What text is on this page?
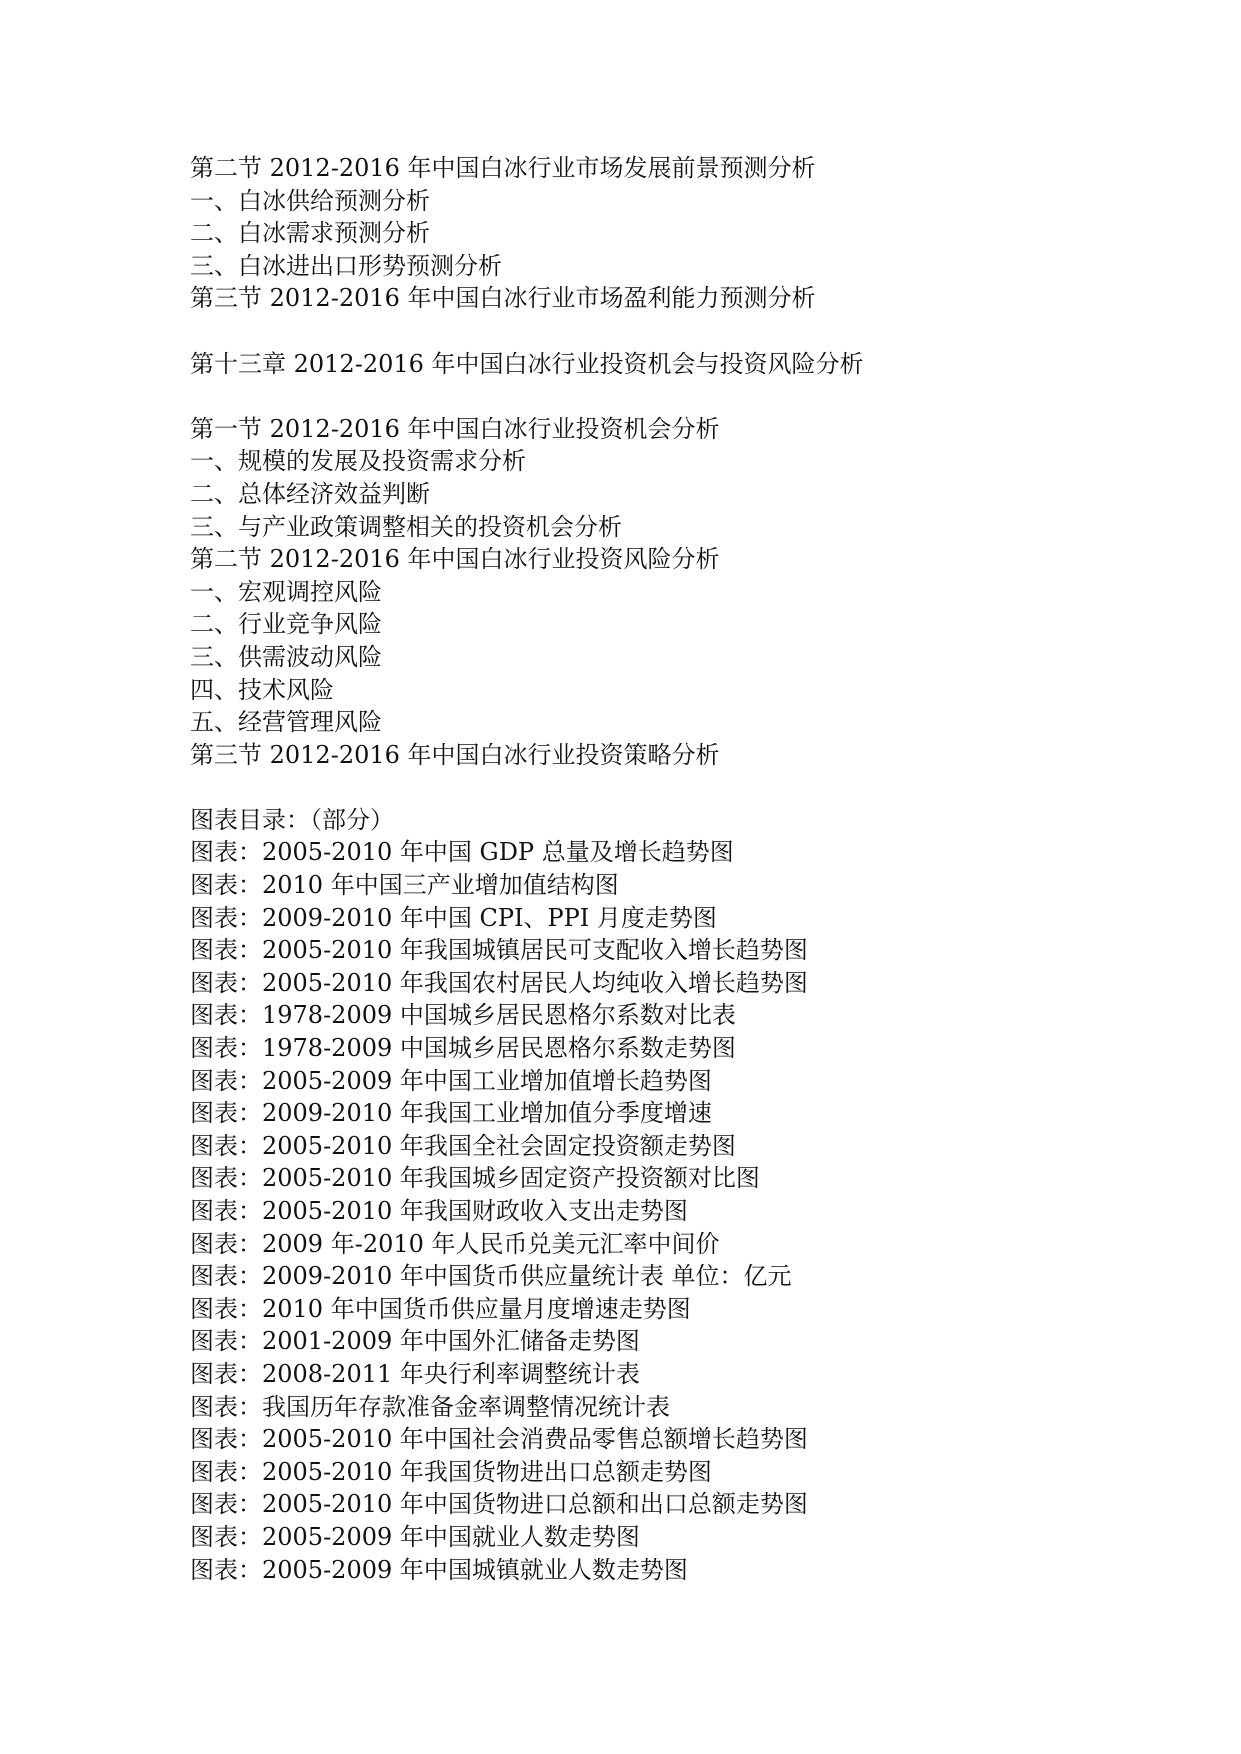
第二节 2012-2016 年中国白冰行业市场发展前景预测分析
一、白冰供给预测分析
二、白冰需求预测分析
三、白冰进出口形势预测分析
第三节 2012-2016 年中国白冰行业市场盈利能力预测分析
第十三章 2012-2016 年中国白冰行业投资机会与投资风险分析
第一节 2012-2016 年中国白冰行业投资机会分析
一、规模的发展及投资需求分析
二、总体经济效益判断
三、与产业政策调整相关的投资机会分析
第二节 2012-2016 年中国白冰行业投资风险分析
一、宏观调控风险
二、行业竞争风险
三、供需波动风险
四、技术风险
五、经营管理风险
第三节 2012-2016 年中国白冰行业投资策略分析
图表目录：（部分）
图表：2005-2010 年中国 GDP 总量及增长趋势图
图表：2010 年中国三产业增加值结构图
图表：2009-2010 年中国 CPI、PPI 月度走势图
图表：2005-2010 年我国城镇居民可支配收入增长趋势图
图表：2005-2010 年我国农村居民人均纯收入增长趋势图
图表：1978-2009 中国城乡居民恩格尔系数对比表
图表：1978-2009 中国城乡居民恩格尔系数走势图
图表：2005-2009 年中国工业增加值增长趋势图
图表：2009-2010 年我国工业增加值分季度增速
图表：2005-2010 年我国全社会固定投资额走势图
图表：2005-2010 年我国城乡固定资产投资额对比图
图表：2005-2010 年我国财政收入支出走势图
图表：2009 年-2010 年人民币兑美元汇率中间价
图表：2009-2010 年中国货币供应量统计表 单位：亿元
图表：2010 年中国货币供应量月度增速走势图
图表：2001-2009 年中国外汇储备走势图
图表：2008-2011 年央行利率调整统计表
图表：我国历年存款准备金率调整情况统计表
图表：2005-2010 年中国社会消费品零售总额增长趋势图
图表：2005-2010 年我国货物进出口总额走势图
图表：2005-2010 年中国货物进口总额和出口总额走势图
图表：2005-2009 年中国就业人数走势图
图表：2005-2009 年中国城镇就业人数走势图
